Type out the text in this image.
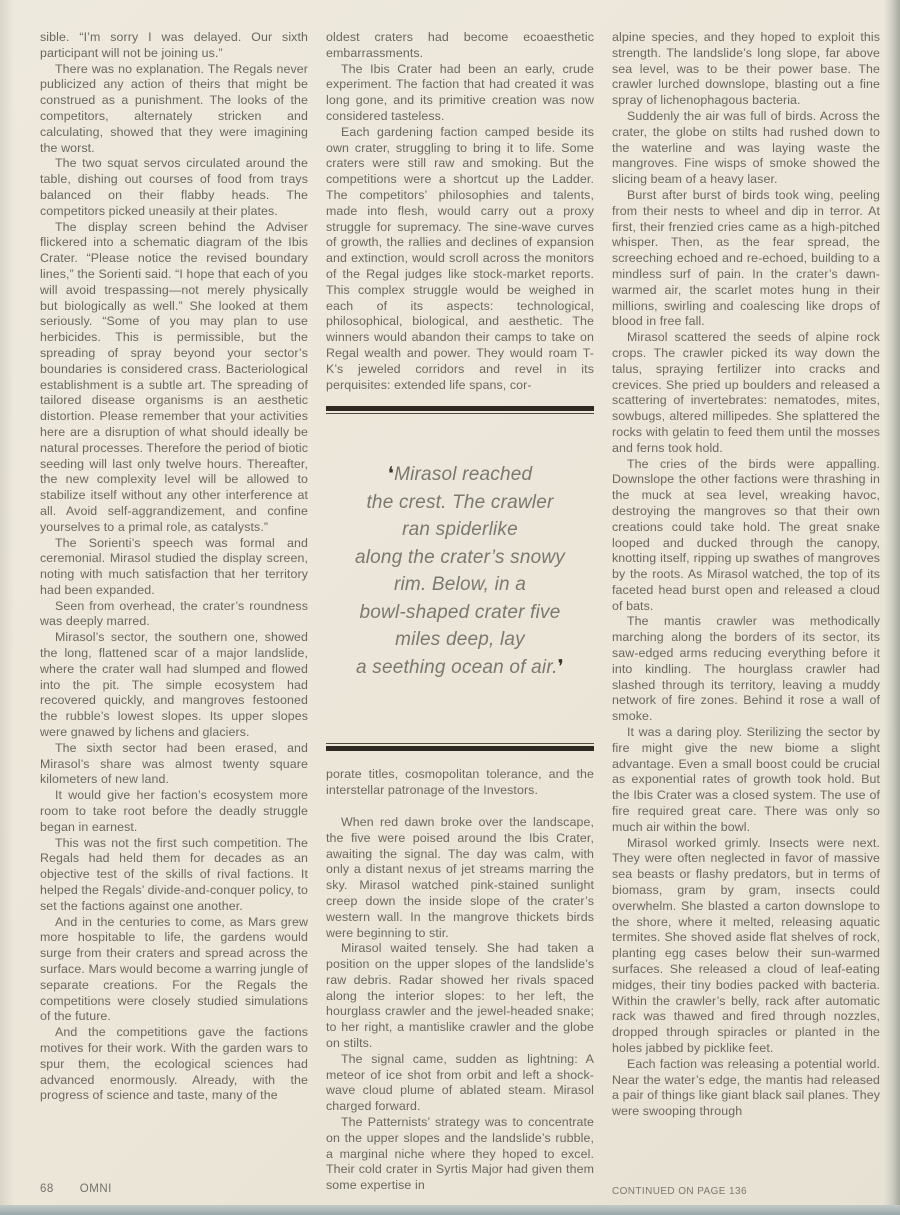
sible. “I’m sorry I was delayed. Our sixth participant will not be joining us.”

There was no explanation. The Regals never publicized any action of theirs that might be construed as a punishment. The looks of the competitors, alternately stricken and calculating, showed that they were imagining the worst.

The two squat servos circulated around the table, dishing out courses of food from trays balanced on their flabby heads. The competitors picked uneasily at their plates.

The display screen behind the Adviser flickered into a schematic diagram of the Ibis Crater. “Please notice the revised boundary lines,” the Sorienti said. “I hope that each of you will avoid trespassing—not merely physically but biologically as well.” She looked at them seriously. “Some of you may plan to use herbicides. This is permissible, but the spreading of spray beyond your sector’s boundaries is considered crass. Bacteriological establishment is a subtle art. The spreading of tailored disease organisms is an aesthetic distortion. Please remember that your activities here are a disruption of what should ideally be natural processes. Therefore the period of biotic seeding will last only twelve hours. Thereafter, the new complexity level will be allowed to stabilize itself without any other interference at all. Avoid self-aggrandizement, and confine yourselves to a primal role, as catalysts.”

The Sorienti’s speech was formal and ceremonial. Mirasol studied the display screen, noting with much satisfaction that her territory had been expanded.

Seen from overhead, the crater’s roundness was deeply marred.

Mirasol’s sector, the southern one, showed the long, flattened scar of a major landslide, where the crater wall had slumped and flowed into the pit. The simple ecosystem had recovered quickly, and mangroves festooned the rubble’s lowest slopes. Its upper slopes were gnawed by lichens and glaciers.

The sixth sector had been erased, and Mirasol’s share was almost twenty square kilometers of new land.

It would give her faction’s ecosystem more room to take root before the deadly struggle began in earnest.

This was not the first such competition. The Regals had held them for decades as an objective test of the skills of rival factions. It helped the Regals’ divide-and-conquer policy, to set the factions against one another.

And in the centuries to come, as Mars grew more hospitable to life, the gardens would surge from their craters and spread across the surface. Mars would become a warring jungle of separate creations. For the Regals the competitions were closely studied simulations of the future.

And the competitions gave the factions motives for their work. With the garden wars to spur them, the ecological sciences had advanced enormously. Already, with the progress of science and taste, many of the

oldest craters had become ecoaesthetic embarrassments.

The Ibis Crater had been an early, crude experiment. The faction that had created it was long gone, and its primitive creation was now considered tasteless.

Each gardening faction camped beside its own crater, struggling to bring it to life. Some craters were still raw and smoking. But the competitions were a shortcut up the Ladder. The competitors’ philosophies and talents, made into flesh, would carry out a proxy struggle for supremacy. The sine-wave curves of growth, the rallies and declines of expansion and extinction, would scroll across the monitors of the Regal judges like stock-market reports. This complex struggle would be weighed in each of its aspects: technological, philosophical, biological, and aesthetic. The winners would abandon their camps to take on Regal wealth and power. They would roam T-K’s jeweled corridors and revel in its perquisites: extended life spans, cor-

❛Mirasol reached
the crest. The crawler
ran spiderlike
along the crater’s snowy
rim. Below, in a
bowl-shaped crater five
miles deep, lay
a seething ocean of air.❜

porate titles, cosmopolitan tolerance, and the interstellar patronage of the Investors.

When red dawn broke over the landscape, the five were poised around the Ibis Crater, awaiting the signal. The day was calm, with only a distant nexus of jet streams marring the sky. Mirasol watched pink-stained sunlight creep down the inside slope of the crater’s western wall. In the mangrove thickets birds were beginning to stir.

Mirasol waited tensely. She had taken a position on the upper slopes of the landslide’s raw debris. Radar showed her rivals spaced along the interior slopes: to her left, the hourglass crawler and the jewel-headed snake; to her right, a mantislike crawler and the globe on stilts.

The signal came, sudden as lightning: A meteor of ice shot from orbit and left a shock-wave cloud plume of ablated steam. Mirasol charged forward.

The Patternists’ strategy was to concentrate on the upper slopes and the landslide’s rubble, a marginal niche where they hoped to excel. Their cold crater in Syrtis Major had given them some expertise in

alpine species, and they hoped to exploit this strength. The landslide’s long slope, far above sea level, was to be their power base. The crawler lurched downslope, blasting out a fine spray of lichenophagous bacteria.

Suddenly the air was full of birds. Across the crater, the globe on stilts had rushed down to the waterline and was laying waste the mangroves. Fine wisps of smoke showed the slicing beam of a heavy laser.

Burst after burst of birds took wing, peeling from their nests to wheel and dip in terror. At first, their frenzied cries came as a high-pitched whisper. Then, as the fear spread, the screeching echoed and re-echoed, building to a mindless surf of pain. In the crater’s dawn-warmed air, the scarlet motes hung in their millions, swirling and coalescing like drops of blood in free fall.

Mirasol scattered the seeds of alpine rock crops. The crawler picked its way down the talus, spraying fertilizer into cracks and crevices. She pried up boulders and released a scattering of invertebrates: nematodes, mites, sowbugs, altered millipedes. She splattered the rocks with gelatin to feed them until the mosses and ferns took hold.

The cries of the birds were appalling. Downslope the other factions were thrashing in the muck at sea level, wreaking havoc, destroying the mangroves so that their own creations could take hold. The great snake looped and ducked through the canopy, knotting itself, ripping up swathes of mangroves by the roots. As Mirasol watched, the top of its faceted head burst open and released a cloud of bats.

The mantis crawler was methodically marching along the borders of its sector, its saw-edged arms reducing everything before it into kindling. The hourglass crawler had slashed through its territory, leaving a muddy network of fire zones. Behind it rose a wall of smoke.

It was a daring ploy. Sterilizing the sector by fire might give the new biome a slight advantage. Even a small boost could be crucial as exponential rates of growth took hold. But the Ibis Crater was a closed system. The use of fire required great care. There was only so much air within the bowl.

Mirasol worked grimly. Insects were next. They were often neglected in favor of massive sea beasts or flashy predators, but in terms of biomass, gram by gram, insects could overwhelm. She blasted a carton downslope to the shore, where it melted, releasing aquatic termites. She shoved aside flat shelves of rock, planting egg cases below their sun-warmed surfaces. She released a cloud of leaf-eating midges, their tiny bodies packed with bacteria. Within the crawler’s belly, rack after automatic rack was thawed and fired through nozzles, dropped through spiracles or planted in the holes jabbed by picklike feet.

Each faction was releasing a potential world. Near the water’s edge, the mantis had released a pair of things like giant black sail planes. They were swooping through

68 OMNI	CONTINUED ON PAGE 136
